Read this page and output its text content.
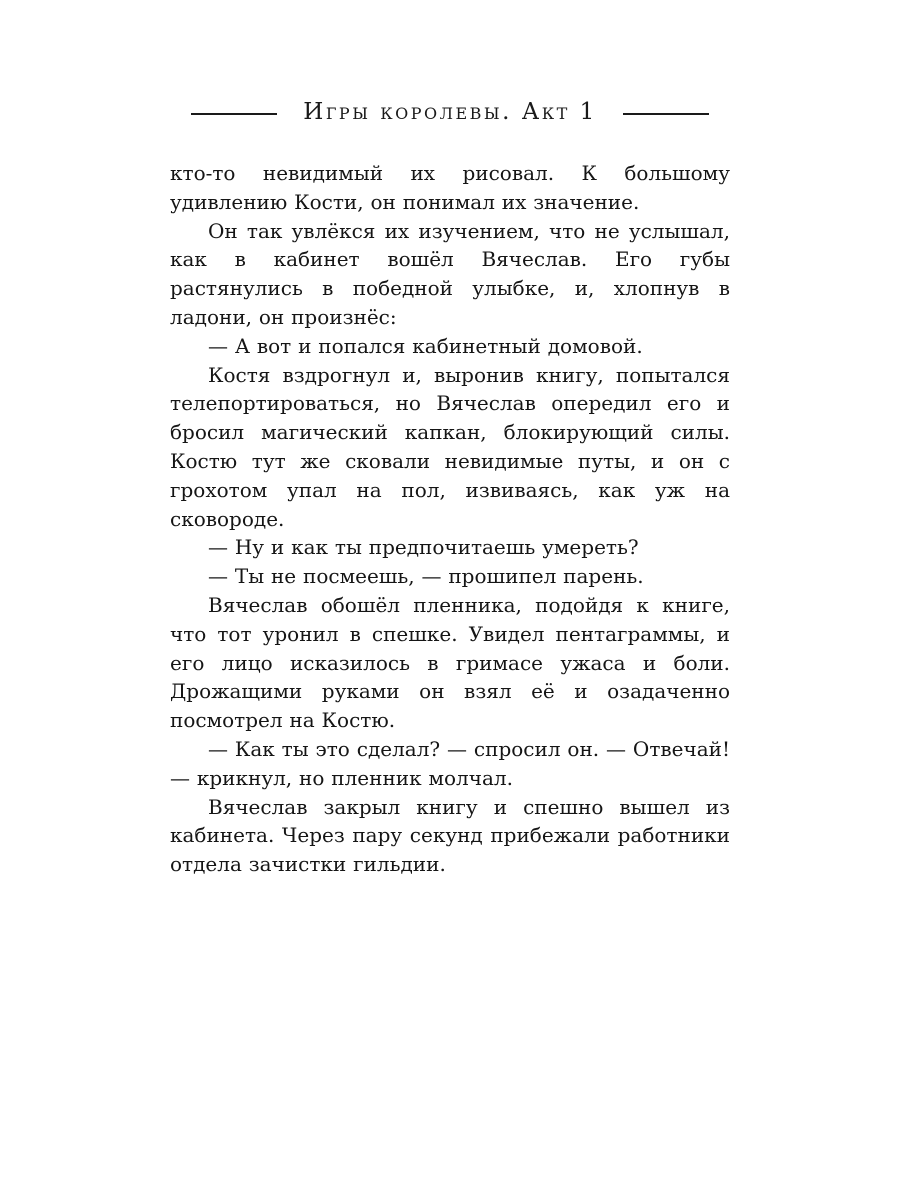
Игры королевы. Акт 1

кто-то невидимый их рисовал. К большому удивлению Кости, он понимал их значение.

Он так увлёкся их изучением, что не услышал, как в кабинет вошёл Вячеслав. Его губы растянулись в победной улыбке, и, хлопнув в ладони, он произнёс:

— А вот и попался кабинетный домовой.

Костя вздрогнул и, выронив книгу, попытался телепортироваться, но Вячеслав опередил его и бросил магический капкан, блокирующий силы. Костю тут же сковали невидимые путы, и он с грохотом упал на пол, извиваясь, как уж на сковороде.

— Ну и как ты предпочитаешь умереть?

— Ты не посмеешь, — прошипел парень.

Вячеслав обошёл пленника, подойдя к книге, что тот уронил в спешке. Увидел пентаграммы, и его лицо исказилось в гримасе ужаса и боли. Дрожащими руками он взял её и озадаченно посмотрел на Костю.

— Как ты это сделал? — спросил он. — Отвечай! — крикнул, но пленник молчал.

Вячеслав закрыл книгу и спешно вышел из кабинета. Через пару секунд прибежали работники отдела зачистки гильдии.
